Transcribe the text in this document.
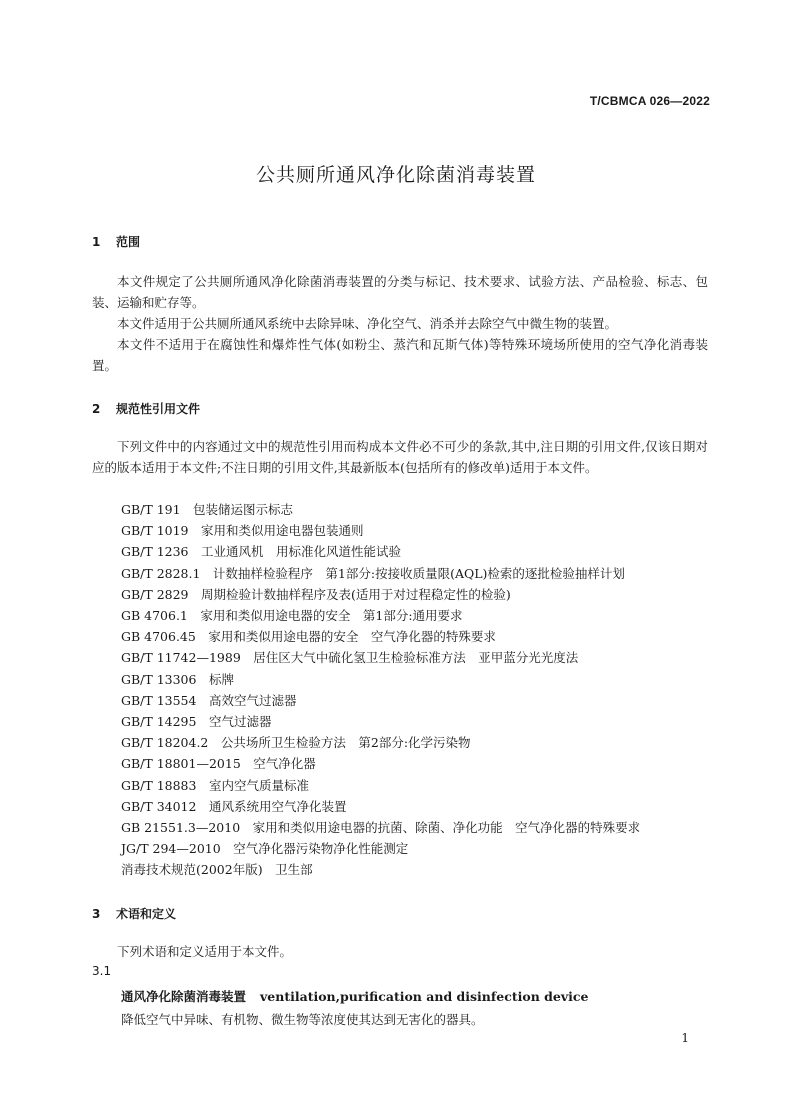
T/CBMCA 026—2022
公共厕所通风净化除菌消毒装置
1 范围
本文件规定了公共厕所通风净化除菌消毒装置的分类与标记、技术要求、试验方法、产品检验、标志、包装、运输和贮存等。
本文件适用于公共厕所通风系统中去除异味、净化空气、消杀并去除空气中微生物的装置。
本文件不适用于在腐蚀性和爆炸性气体(如粉尘、蒸汽和瓦斯气体)等特殊环境场所使用的空气净化消毒装置。
2 规范性引用文件
下列文件中的内容通过文中的规范性引用而构成本文件必不可少的条款,其中,注日期的引用文件,仅该日期对应的版本适用于本文件;不注日期的引用文件,其最新版本(包括所有的修改单)适用于本文件。
GB/T 191　包装储运图示标志
GB/T 1019　家用和类似用途电器包装通则
GB/T 1236　工业通风机　用标准化风道性能试验
GB/T 2828.1　计数抽样检验程序　第1部分:按接收质量限(AQL)检索的逐批检验抽样计划
GB/T 2829　周期检验计数抽样程序及表(适用于对过程稳定性的检验)
GB 4706.1　家用和类似用途电器的安全　第1部分:通用要求
GB 4706.45　家用和类似用途电器的安全　空气净化器的特殊要求
GB/T 11742—1989　居住区大气中硫化氢卫生检验标准方法　亚甲蓝分光光度法
GB/T 13306　标牌
GB/T 13554　高效空气过滤器
GB/T 14295　空气过滤器
GB/T 18204.2　公共场所卫生检验方法　第2部分:化学污染物
GB/T 18801—2015　空气净化器
GB/T 18883　室内空气质量标准
GB/T 34012　通风系统用空气净化装置
GB 21551.3—2010　家用和类似用途电器的抗菌、除菌、净化功能　空气净化器的特殊要求
JG/T 294—2010　空气净化器污染物净化性能测定
消毒技术规范(2002年版)　卫生部
3 术语和定义
下列术语和定义适用于本文件。
3.1
通风净化除菌消毒装置 ventilation,purification and disinfection device
降低空气中异味、有机物、微生物等浓度使其达到无害化的器具。
1
